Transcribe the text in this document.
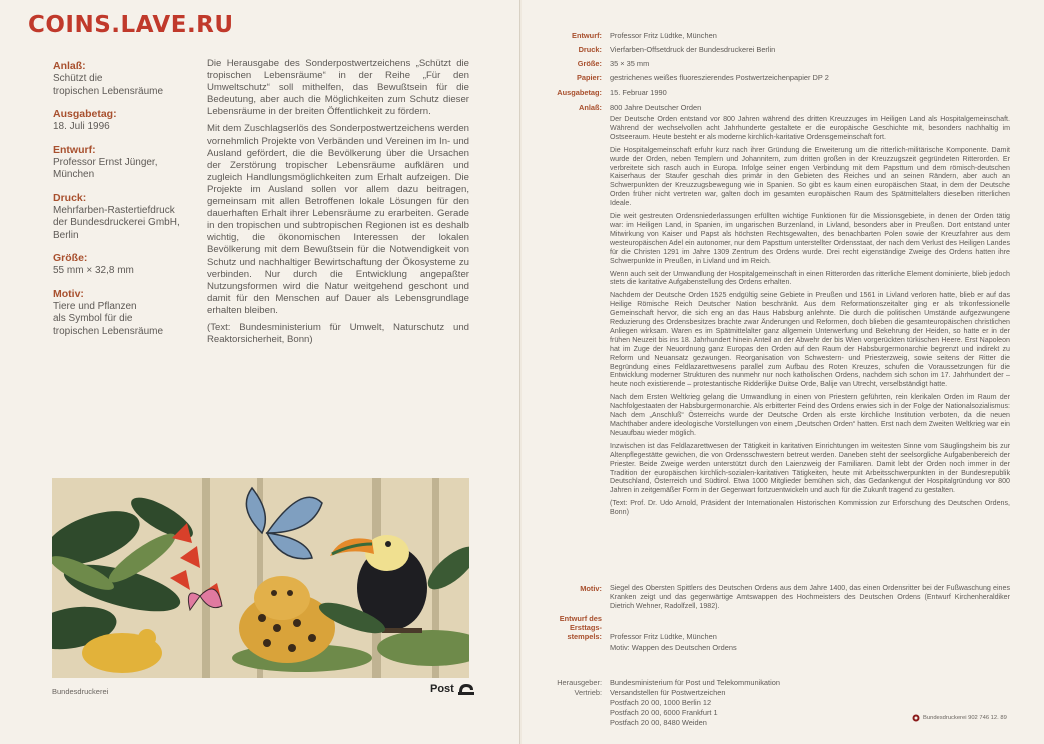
COINS.LAVE.RU
Anlaß:
Schützt die
tropischen Lebensräume
Ausgabetag:
18. Juli 1996
Entwurf:
Professor Ernst Jünger,
München
Druck:
Mehrfarben-Rastertiefdruck
der Bundesdruckerei GmbH,
Berlin
Größe:
55 mm × 32,8 mm
Motiv:
Tiere und Pflanzen
als Symbol für die
tropischen Lebensräume

Die Herausgabe des Sonderpostwertzeichens „Schützt die tropischen Lebensräume“ in der Reihe „Für den Umweltschutz“ soll mithelfen, das Bewußtsein für die Bedeutung, aber auch die Möglichkeiten zum Schutz dieser Lebensräume in der breiten Öffentlichkeit zu fördern.

Mit dem Zuschlagserlös des Sonderpostwertzeichens werden vornehmlich Projekte von Verbänden und Vereinen im In- und Ausland gefördert, die die Bevölkerung über die Ursachen der Zerstörung tropischer Lebensräume aufklären und zugleich Handlungsmöglichkeiten zum Erhalt aufzeigen. Die Projekte im Ausland sollen vor allem dazu beitragen, gemeinsam mit allen Betroffenen lokale Lösungen für den dauerhaften Erhalt ihrer Lebensräume zu erarbeiten. Gerade in den tropischen und subtropischen Regionen ist es deshalb wichtig, die ökonomischen Interessen der lokalen Bevölkerung mit dem Bewußtsein für die Notwendigkeit von Schutz und nachhaltiger Bewirtschaftung der Ökosysteme zu verbinden. Nur durch die Entwicklung angepaßter Nutzungsformen wird die Natur weitgehend geschont und damit für den Menschen auf Dauer als Lebensgrundlage erhalten bleiben.

(Text: Bundesministerium für Umwelt, Naturschutz und Reaktorsicherheit, Bonn)

Bundesdruckerei	Post
Entwurf: Professor Fritz Lüdtke, München
Druck: Vierfarben-Offsetdruck der Bundesdruckerei Berlin
Größe: 35 × 35 mm
Papier: gestrichenes weißes fluoreszierendes Postwertzeichenpapier DP 2
Ausgabetag: 15. Februar 1990
Anlaß: 800 Jahre Deutscher Orden

Der Deutsche Orden entstand vor 800 Jahren während des dritten Kreuzzuges im Heiligen Land als Hospitalgemeinschaft. Während der wechselvollen acht Jahrhunderte gestaltete er die europäische Geschichte mit, besonders nachhaltig im Ostseeraum. Heute besteht er als moderne kirchlich-karitative Ordensgemeinschaft fort.

Die Hospitalgemeinschaft erfuhr kurz nach ihrer Gründung die Erweiterung um die ritterlich-militärische Komponente. Damit wurde der Orden, neben Templern und Johannitern, zum dritten großen in der Kreuzzugszeit gegründeten Ritterorden. Er verbreitete sich rasch auch in Europa. Infolge seiner engen Verbindung mit dem Papsttum und dem römisch-deutschen Kaiserhaus der Staufer geschah dies primär in den Gebieten des Reiches und an seinen Rändern, aber auch an Schwerpunkten der Kreuzzugsbewegung wie in Spanien. So gibt es kaum einen europäischen Staat, in dem der Deutsche Orden früher nicht vertreten war, galten doch im gesamten europäischen Raum des Spätmittelalters dieselben ritterlichen Ideale.

Die weit gestreuten Ordensniederlassungen erfüllten wichtige Funktionen für die Missionsgebiete, in denen der Orden tätig war: im Heiligen Land, in Spanien, im ungarischen Burzenland, in Livland, besonders aber in Preußen. Dort entstand unter Mitwirkung von Kaiser und Papst als höchsten Rechtsgewalten, des benachbarten Polen sowie der Kreuzfahrer aus dem westeuropäischen Adel ein autonomer, nur dem Papsttum unterstellter Ordensstaat, der nach dem Verlust des Heiligen Landes für die Christen 1291 im Jahre 1309 Zentrum des Ordens wurde. Drei recht eigenständige Zweige des Ordens hatten ihre Schwerpunkte in Preußen, in Livland und im Reich.

Wenn auch seit der Umwandlung der Hospitalgemeinschaft in einen Ritterorden das ritterliche Element dominierte, blieb jedoch stets die karitative Aufgabenstellung des Ordens erhalten.

Nachdem der Deutsche Orden 1525 endgültig seine Gebiete in Preußen und 1561 in Livland verloren hatte, blieb er auf das Heilige Römische Reich Deutscher Nation beschränkt. Aus dem Reformationszeitalter ging er als trikonfessionelle Gemeinschaft hervor, die sich eng an das Haus Habsburg anlehnte. Die durch die politischen Umstände aufgezwungene Reduzierung des Ordensbesitzes brachte zwar Änderungen und Reformen, doch blieben die gesamteuropäischen christlichen Anliegen wirksam. Waren es im Spätmittelalter ganz allgemein Unterwerfung und Bekehrung der Heiden, so hatte er in der frühen Neuzeit bis ins 18. Jahrhundert hinein Anteil an der Abwehr der bis Wien vorgerückten türkischen Heere. Erst Napoleon hat im Zuge der Neuordnung ganz Europas den Orden auf den Raum der Habsburgermonarchie begrenzt und indirekt zu Reform und Neuansatz gezwungen. Reorganisation von Schwestern- und Priesterzweig, sowie seitens der Ritter die Begründung eines Feldlazarettwesens parallel zum Aufbau des Roten Kreuzes, schufen die Voraussetzungen für die Entwicklung moderner Strukturen des nunmehr nur noch katholischen Ordens, nachdem sich schon im 17. Jahrhundert der – heute noch existierende – protestantische Ridderlijke Duitse Orde, Balije van Utrecht, verselbständigt hatte.

Nach dem Ersten Weltkrieg gelang die Umwandlung in einen von Priestern geführten, rein klerikalen Orden im Raum der Nachfolgestaaten der Habsburgermonarchie. Als erbitterter Feind des Ordens erwies sich in der Folge der Nationalsozialismus: Nach dem „Anschluß“ Österreichs wurde der Deutsche Orden als erste kirchliche Institution verboten, da die neuen Machthaber andere ideologische Vorstellungen von einem „Deutschen Orden“ hatten. Erst nach dem Zweiten Weltkrieg war ein Neuaufbau wieder möglich.

Inzwischen ist das Feldlazarettwesen der Tätigkeit in karitativen Einrichtungen im weitesten Sinne vom Säuglingsheim bis zur Altenpflegestätte gewichen, die von Ordensschwestern betreut werden. Daneben steht der seelsorgliche Aufgabenbereich der Priester. Beide Zweige werden unterstützt durch den Laienzweig der Familiaren. Damit lebt der Orden noch immer in der Tradition der europäischen kirchlich-sozialen-karitativen Tätigkeiten, heute mit Arbeitsschwerpunkten in der Bundesrepublik Deutschland, Österreich und Südtirol. Etwa 1000 Mitglieder bemühen sich, das Gedankengut der Hospitalgründung vor 800 Jahren in zeitgemäßer Form in der Gegenwart fortzuentwickeln und auch für die Zukunft tragend zu gestalten.

(Text: Prof. Dr. Udo Arnold, Präsident der Internationalen Historischen Kommission zur Erforschung des Deutschen Ordens, Bonn)

Motiv: Siegel des Obersten Spittlers des Deutschen Ordens aus dem Jahre 1400, das einen Ordensritter bei der Fußwaschung eines Kranken zeigt und das gegenwärtige Amtswappen des Hochmeisters des Deutschen Ordens (Entwurf Kirchenheraldiker Dietrich Wehner, Radolfzell, 1982).
Entwurf des
Ersttags-
stempels: Professor Fritz Lüdtke, München
Motiv: Wappen des Deutschen Ordens
Herausgeber:
Vertrieb:
Bundesministerium für Post und Telekommunikation
Versandstellen für Postwertzeichen
Postfach 20 00, 1000 Berlin 12
Postfach 20 00, 6000 Frankfurt 1
Postfach 20 00, 8480 Weiden	Bundesdruckerei 902 746 12. 89
